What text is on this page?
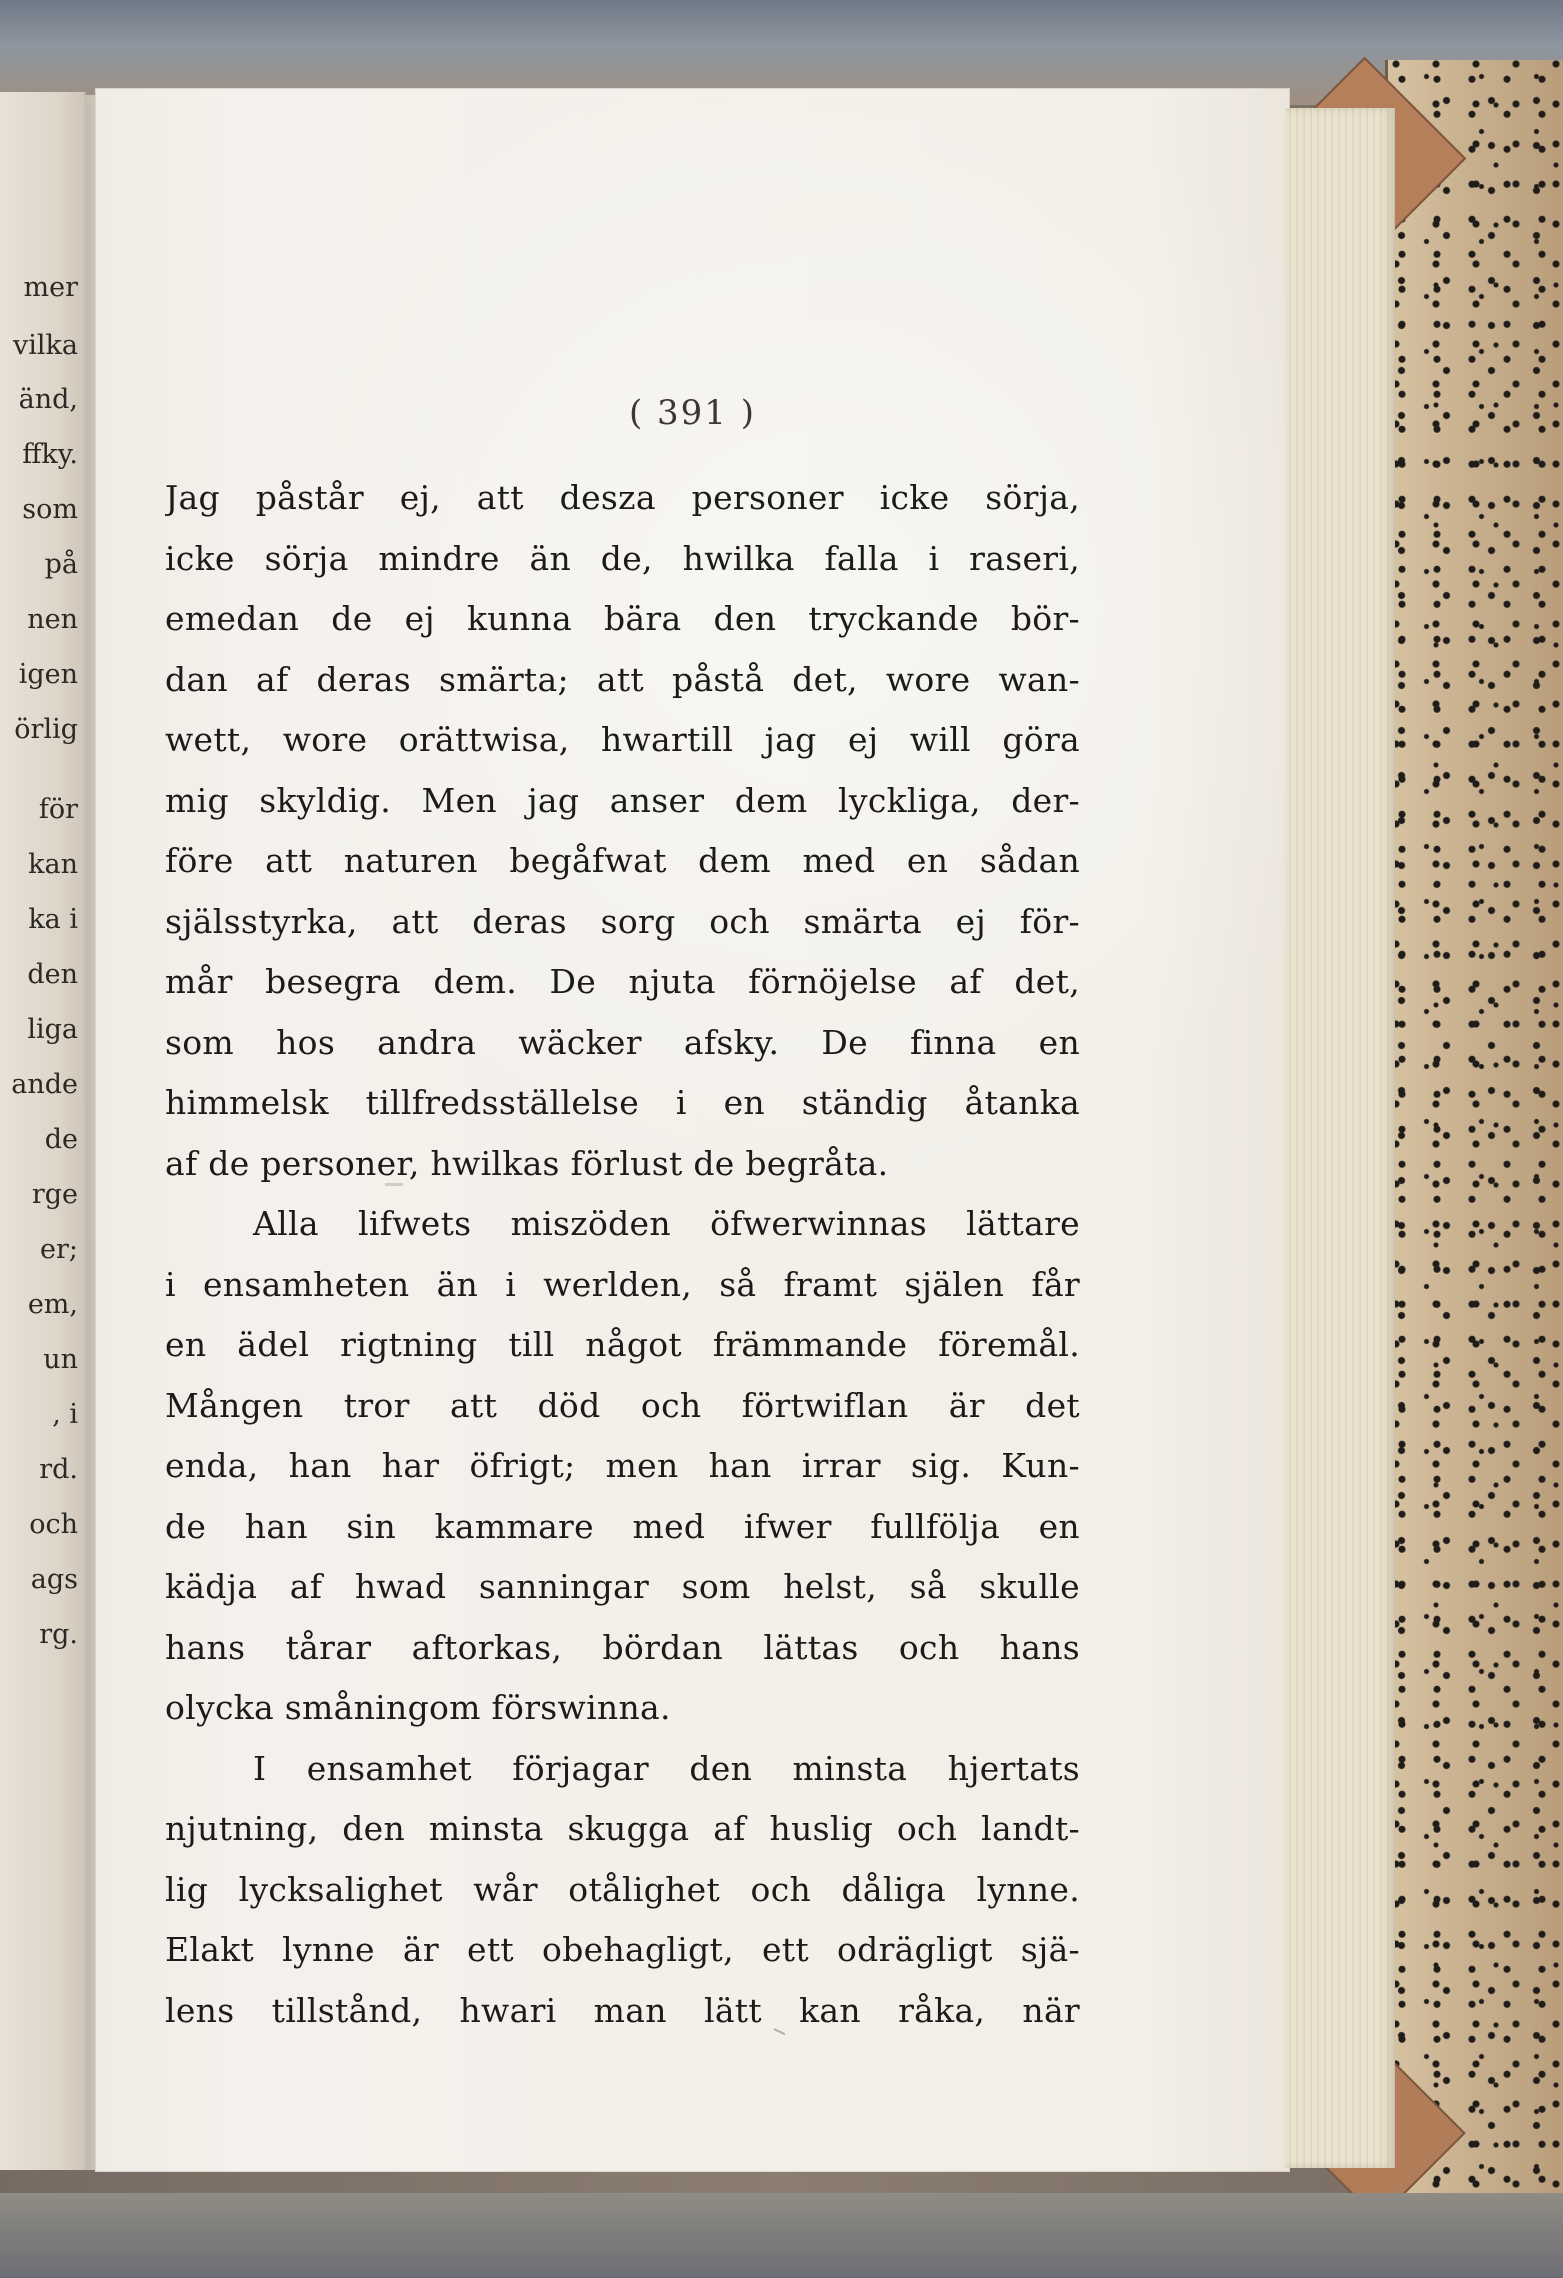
mer
vilka
änd,
ffky.
som
på
nen
igen
örlig
för
kan
ka i
den
liga
ande
de
rge
er;
em,
un
, i
rd.
och
ags
rg.
( 391 )
Jag påstår ej, att desza personer icke sörja,
icke sörja mindre än de, hwilka falla i raseri,
emedan de ej kunna bära den tryckande bör-
dan af deras smärta; att påstå det, wore wan-
wett, wore orättwisa, hwartill jag ej will göra
mig skyldig. Men jag anser dem lyckliga, der-
före att naturen begåfwat dem med en sådan
själsstyrka, att deras sorg och smärta ej för-
mår besegra dem. De njuta förnöjelse af det,
som hos andra wäcker afsky. De finna en
himmelsk tillfredsställelse i en ständig åtanka
af de personer, hwilkas förlust de begråta.
Alla lifwets miszöden öfwerwinnas lättare
i ensamheten än i werlden, så framt själen får
en ädel rigtning till något främmande föremål.
Mången tror att död och förtwiflan är det
enda, han har öfrigt; men han irrar sig. Kun-
de han sin kammare med ifwer fullfölja en
kädja af hwad sanningar som helst, så skulle
hans tårar aftorkas, bördan lättas och hans
olycka småningom förswinna.
I ensamhet förjagar den minsta hjertats
njutning, den minsta skugga af huslig och landt-
lig lycksalighet wår otålighet och dåliga lynne.
Elakt lynne är ett obehagligt, ett odrägligt sjä-
lens tillstånd, hwari man lätt kan råka, när
